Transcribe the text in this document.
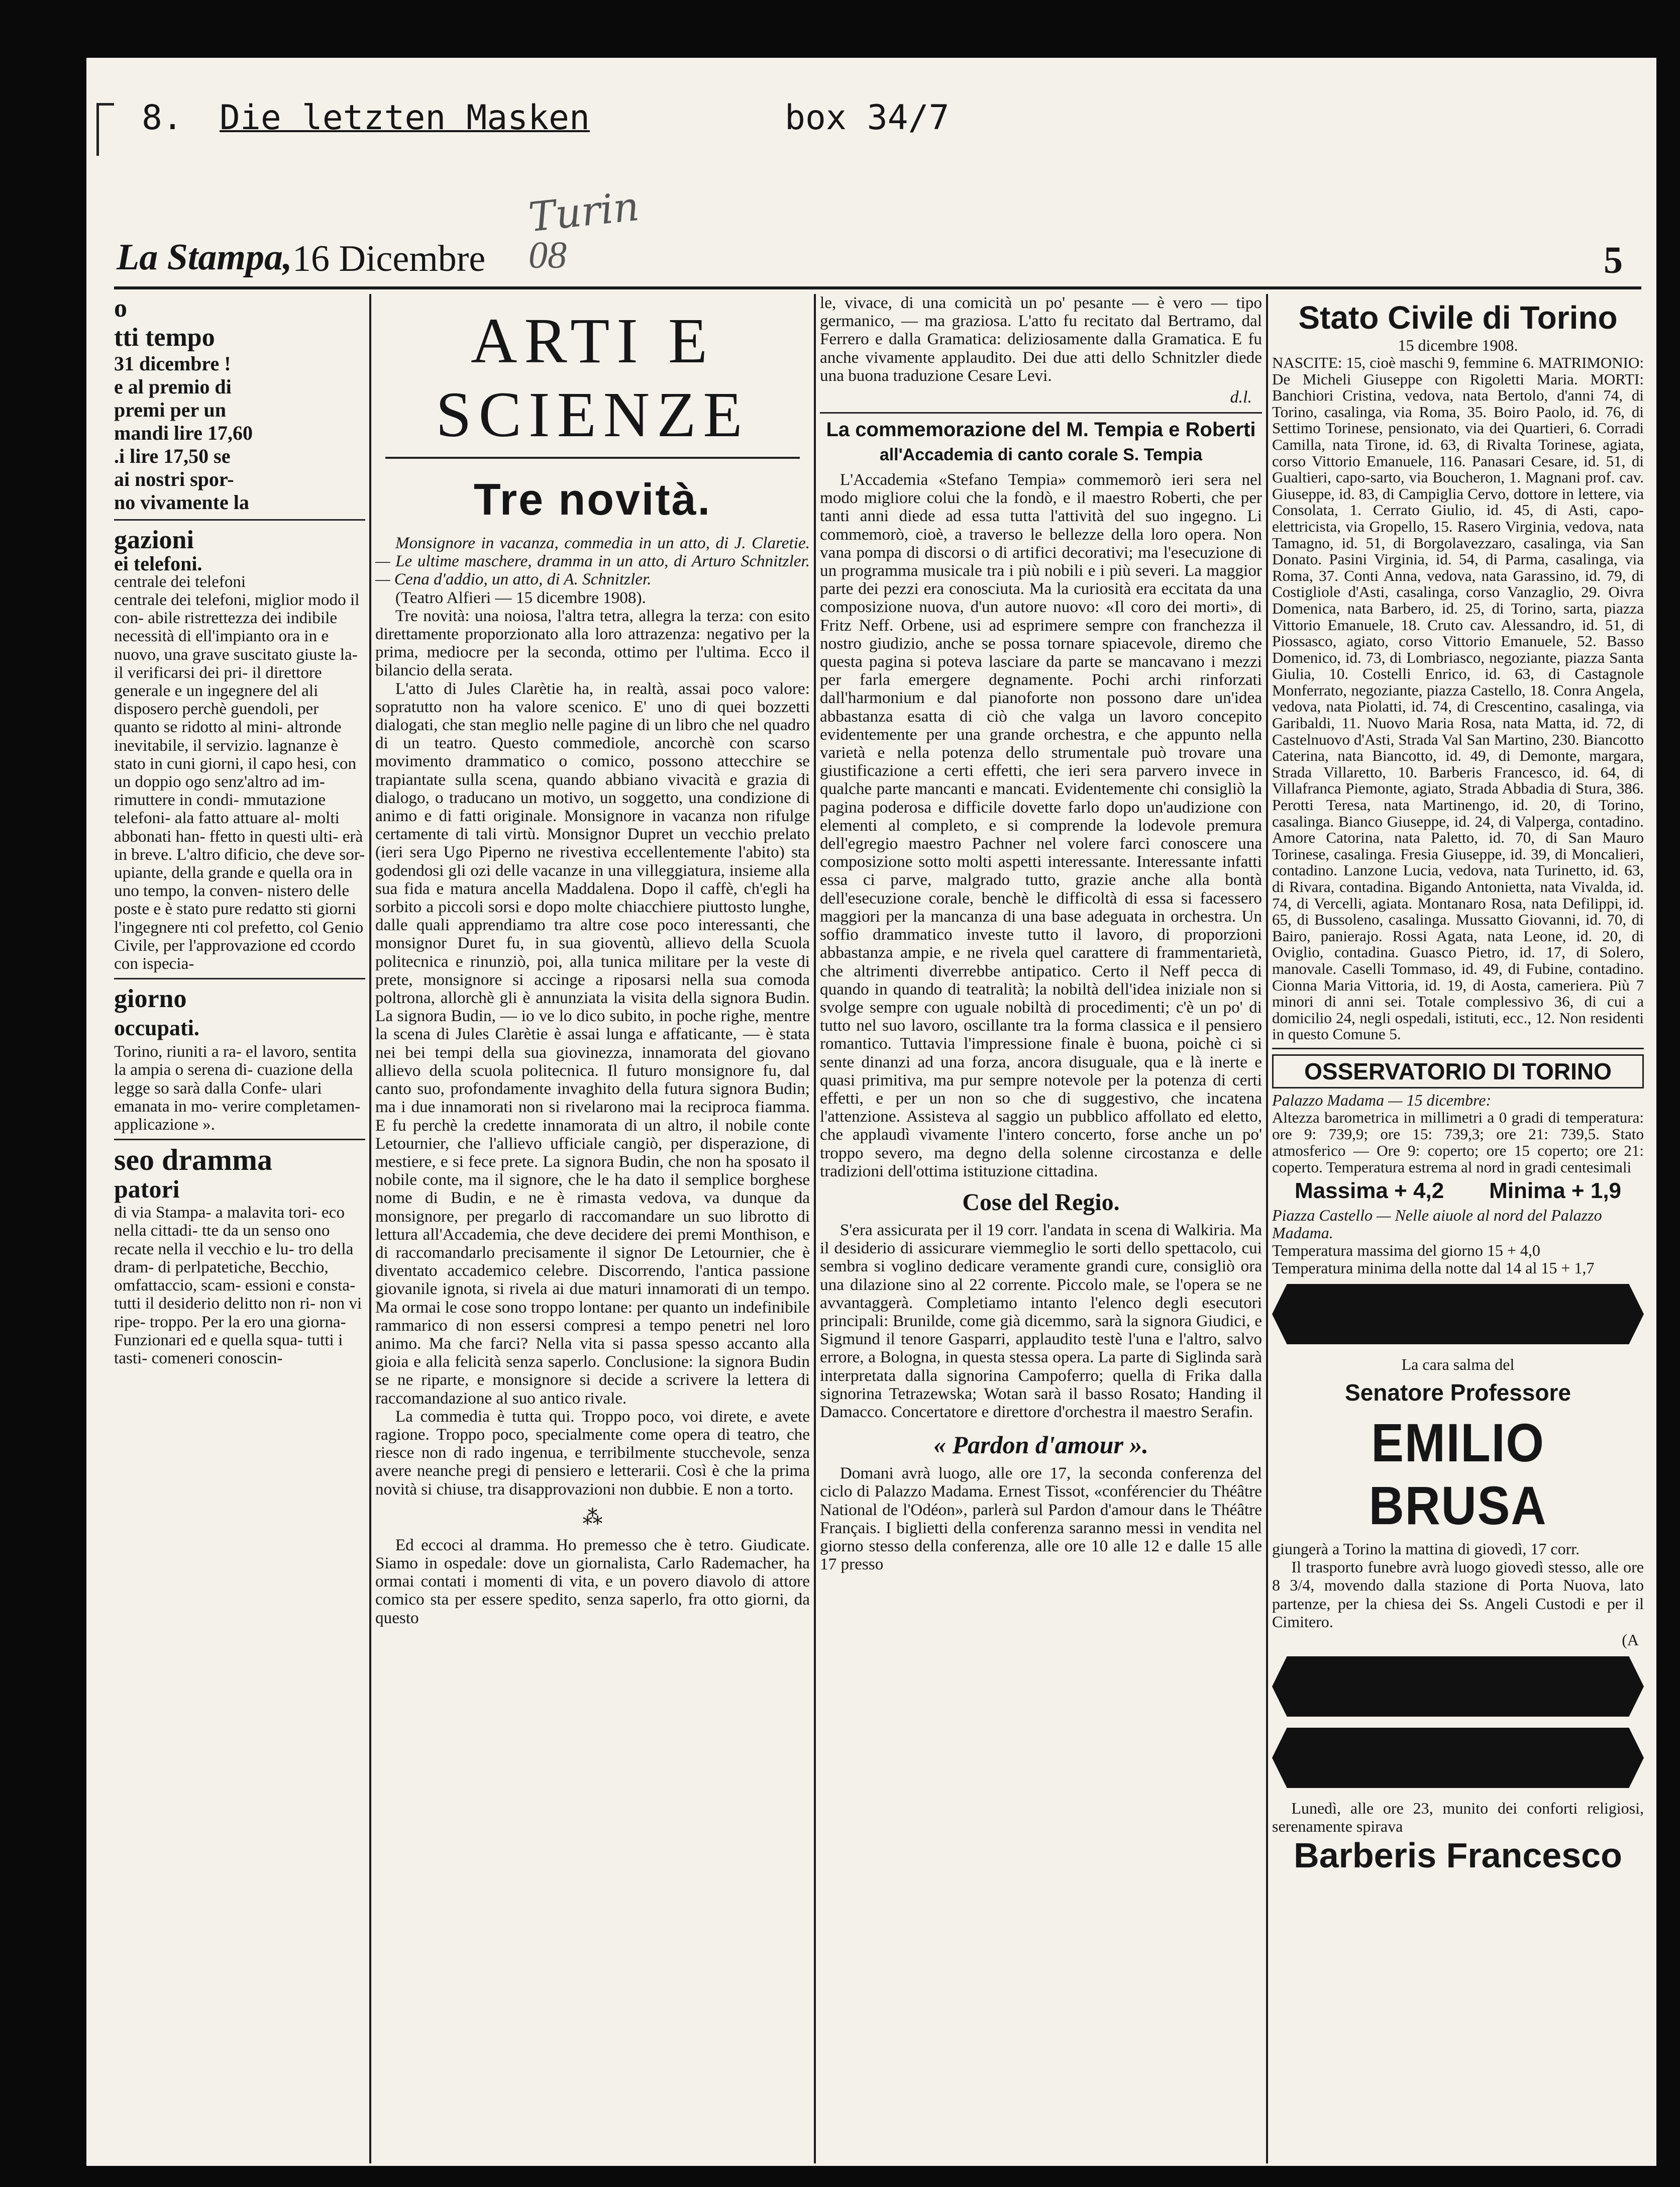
8. Die letzten Masken	box 34/7
Turin
La Stampa, 16 Dicembre 08	5

o

tti tempo

31 dicembre !

e al premio di

premi per un

mandi lire 17,60

.i lire 17,50 se

ai nostri spor-

no vivamente la

gazioni

ei telefoni.

centrale dei telefoni

centrale dei telefoni, miglior modo il con- abile ristrettezza dei indibile necessità di ell'impianto ora in e nuovo, una grave suscitato giuste la- il verificarsi dei pri- il direttore generale e un ingegnere del ali disposero perchè guendoli, per quanto se ridotto al mini- altronde inevitabile, il servizio. lagnanze è stato in cuni giorni, il capo hesi, con un doppio ogo senz'altro ad im- rimuttere in condi- mmutazione telefoni- ala fatto attuare al- molti abbonati han- ffetto in questi ulti- erà in breve. L'altro dificio, che deve sor- upiante, della grande e quella ora in uno tempo, la conven- nistero delle poste e è stato pure redatto sti giorni l'ingegnere nti col prefetto, col Genio Civile, per l'approvazione ed ccordo con ispecia-

giorno

occupati.

Torino, riuniti a ra- el lavoro, sentita la ampia o serena di- cuazione della legge so sarà dalla Confe- ulari emanata in mo- verire completamen- applicazione ».

seo dramma

patori

di via Stampa- a malavita tori- eco nella cittadi- tte da un senso ono recate nella il vecchio e lu- tro della dram- di perlpatetiche, Becchio, omfattaccio, scam- essioni e consta- tutti il desiderio delitto non ri- non vi ripe- troppo. Per la ero una giorna- Funzionari ed e quella squa- tutti i tasti- comeneri conoscin-

ARTI E SCIENZE
Tre novità.

Monsignore in vacanza, commedia in un atto, di J. Claretie. — Le ultime maschere, dramma in un atto, di Arturo Schnitzler. — Cena d'addio, un atto, di A. Schnitzler.

(Teatro Alfieri — 15 dicembre 1908).

Tre novità: una noiosa, l'altra tetra, allegra la terza: con esito direttamente proporzionato alla loro attrazenza: negativo per la prima, mediocre per la seconda, ottimo per l'ultima. Ecco il bilancio della serata.

L'atto di Jules Clarètie ha, in realtà, assai poco valore: sopratutto non ha valore scenico. E' uno di quei bozzetti dialogati, che stan meglio nelle pagine di un libro che nel quadro di un teatro. Questo commediole, ancorchè con scarso movimento drammatico o comico, possono attecchire se trapiantate sulla scena, quando abbiano vivacità e grazia di dialogo, o traducano un motivo, un soggetto, una condizione di animo e di fatti originale. Monsignore in vacanza non rifulge certamente di tali virtù. Monsignor Dupret un vecchio prelato (ieri sera Ugo Piperno ne rivestiva eccellentemente l'abito) sta godendosi gli ozi delle vacanze in una villeggiatura, insieme alla sua fida e matura ancella Maddalena. Dopo il caffè, ch'egli ha sorbito a piccoli sorsi e dopo molte chiacchiere piuttosto lunghe, dalle quali apprendiamo tra altre cose poco interessanti, che monsignor Duret fu, in sua gioventù, allievo della Scuola politecnica e rinunziò, poi, alla tunica militare per la veste di prete, monsignore si accinge a riposarsi nella sua comoda poltrona, allorchè gli è annunziata la visita della signora Budin. La signora Budin, — io ve lo dico subito, in poche righe, mentre la scena di Jules Clarètie è assai lunga e affaticante, — è stata nei bei tempi della sua giovinezza, innamorata del giovano allievo della scuola politecnica. Il futuro monsignore fu, dal canto suo, profondamente invaghito della futura signora Budin; ma i due innamorati non si rivelarono mai la reciproca fiamma. E fu perchè la credette innamorata di un altro, il nobile conte Letournier, che l'allievo ufficiale cangiò, per disperazione, di mestiere, e si fece prete. La signora Budin, che non ha sposato il nobile conte, ma il signore, che le ha dato il semplice borghese nome di Budin, e ne è rimasta vedova, va dunque da monsignore, per pregarlo di raccomandare un suo librotto di lettura all'Accademia, che deve decidere dei premi Monthison, e di raccomandarlo precisamente il signor De Letournier, che è diventato accademico celebre. Discorrendo, l'antica passione giovanile ignota, si rivela ai due maturi innamorati di un tempo. Ma ormai le cose sono troppo lontane: per quanto un indefinibile rammarico di non essersi compresi a tempo penetri nel loro animo. Ma che farci? Nella vita si passa spesso accanto alla gioia e alla felicità senza saperlo. Conclusione: la signora Budin se ne riparte, e monsignore si decide a scrivere la lettera di raccomandazione al suo antico rivale.

La commedia è tutta qui. Troppo poco, voi direte, e avete ragione. Troppo poco, specialmente come opera di teatro, che riesce non di rado ingenua, e terribilmente stucchevole, senza avere neanche pregi di pensiero e letterarii. Così è che la prima novità si chiuse, tra disapprovazioni non dubbie. E non a torto.

⁂

Ed eccoci al dramma. Ho premesso che è tetro. Giudicate. Siamo in ospedale: dove un giornalista, Carlo Rademacher, ha ormai contati i momenti di vita, e un povero diavolo di attore comico sta per essere spedito, senza saperlo, fra otto giorni, da questo

le, vivace, di una comicità un po' pesante — è vero — tipo germanico, — ma graziosa. L'atto fu recitato dal Bertramo, dal Ferrero e dalla Gramatica: deliziosamente dalla Gramatica. E fu anche vivamente applaudito. Dei due atti dello Schnitzler diede una buona traduzione Cesare Levi.

d.l.

La commemorazione del M. Tempia e Roberti

all'Accademia di canto corale S. Tempia

L'Accademia «Stefano Tempia» commemorò ieri sera nel modo migliore colui che la fondò, e il maestro Roberti, che per tanti anni diede ad essa tutta l'attività del suo ingegno. Li commemorò, cioè, a traverso le bellezze della loro opera. Non vana pompa di discorsi o di artifici decorativi; ma l'esecuzione di un programma musicale tra i più nobili e i più severi. La maggior parte dei pezzi era conosciuta. Ma la curiosità era eccitata da una composizione nuova, d'un autore nuovo: «Il coro dei morti», di Fritz Neff. Orbene, usi ad esprimere sempre con franchezza il nostro giudizio, anche se possa tornare spiacevole, diremo che questa pagina si poteva lasciare da parte se mancavano i mezzi per farla emergere degnamente. Pochi archi rinforzati dall'harmonium e dal pianoforte non possono dare un'idea abbastanza esatta di ciò che valga un lavoro concepito evidentemente per una grande orchestra, e che appunto nella varietà e nella potenza dello strumentale può trovare una giustificazione a certi effetti, che ieri sera parvero invece in qualche parte mancanti e mancati. Evidentemente chi consigliò la pagina poderosa e difficile dovette farlo dopo un'audizione con elementi al completo, e si comprende la lodevole premura dell'egregio maestro Pachner nel volere farci conoscere una composizione sotto molti aspetti interessante. Interessante infatti essa ci parve, malgrado tutto, grazie anche alla bontà dell'esecuzione corale, benchè le difficoltà di essa si facessero maggiori per la mancanza di una base adeguata in orchestra. Un soffio drammatico investe tutto il lavoro, di proporzioni abbastanza ampie, e ne rivela quel carattere di frammentarietà, che altrimenti diverrebbe antipatico. Certo il Neff pecca di quando in quando di teatralità; la nobiltà dell'idea iniziale non si svolge sempre con uguale nobiltà di procedimenti; c'è un po' di tutto nel suo lavoro, oscillante tra la forma classica e il pensiero romantico. Tuttavia l'impressione finale è buona, poichè ci si sente dinanzi ad una forza, ancora disuguale, qua e là inerte e quasi primitiva, ma pur sempre notevole per la potenza di certi effetti, e per un non so che di suggestivo, che incatena l'attenzione. Assisteva al saggio un pubblico affollato ed eletto, che applaudì vivamente l'intero concerto, forse anche un po' troppo severo, ma degno della solenne circostanza e delle tradizioni dell'ottima istituzione cittadina.

Cose del Regio.

S'era assicurata per il 19 corr. l'andata in scena di Walkiria. Ma il desiderio di assicurare viemmeglio le sorti dello spettacolo, cui sembra si voglino dedicare veramente grandi cure, consigliò ora una dilazione sino al 22 corrente. Piccolo male, se l'opera se ne avvantaggerà. Completiamo intanto l'elenco degli esecutori principali: Brunilde, come già dicemmo, sarà la signora Giudici, e Sigmund il tenore Gasparri, applaudito testè l'una e l'altro, salvo errore, a Bologna, in questa stessa opera. La parte di Siglinda sarà interpretata dalla signorina Campoferro; quella di Frika dalla signorina Tetrazewska; Wotan sarà il basso Rosato; Handing il Damacco. Concertatore e direttore d'orchestra il maestro Serafin.

« Pardon d'amour ».

Domani avrà luogo, alle ore 17, la seconda conferenza del ciclo di Palazzo Madama. Ernest Tissot, «conférencier du Théâtre National de l'Odéon», parlerà sul Pardon d'amour dans le Théâtre Français. I biglietti della conferenza saranno messi in vendita nel giorno stesso della conferenza, alle ore 10 alle 12 e dalle 15 alle 17 presso

Stato Civile di Torino

15 dicembre 1908.

NASCITE: 15, cioè maschi 9, femmine 6. MATRIMONIO: De Micheli Giuseppe con Rigoletti Maria. MORTI: Banchiori Cristina, vedova, nata Bertolo, d'anni 74, di Torino, casalinga, via Roma, 35. Boiro Paolo, id. 76, di Settimo Torinese, pensionato, via dei Quartieri, 6. Corradi Camilla, nata Tirone, id. 63, di Rivalta Torinese, agiata, corso Vittorio Emanuele, 116. Panasari Cesare, id. 51, di Gualtieri, capo-sarto, via Boucheron, 1. Magnani prof. cav. Giuseppe, id. 83, di Campiglia Cervo, dottore in lettere, via Consolata, 1. Cerrato Giulio, id. 45, di Asti, capo-elettricista, via Gropello, 15. Rasero Virginia, vedova, nata Tamagno, id. 51, di Borgolavezzaro, casalinga, via San Donato. Pasini Virginia, id. 54, di Parma, casalinga, via Roma, 37. Conti Anna, vedova, nata Garassino, id. 79, di Costigliole d'Asti, casalinga, corso Vanzaglio, 29. Oivra Domenica, nata Barbero, id. 25, di Torino, sarta, piazza Vittorio Emanuele, 18. Cruto cav. Alessandro, id. 51, di Piossasco, agiato, corso Vittorio Emanuele, 52. Basso Domenico, id. 73, di Lombriasco, negoziante, piazza Santa Giulia, 10. Costelli Enrico, id. 63, di Castagnole Monferrato, negoziante, piazza Castello, 18. Conra Angela, vedova, nata Piolatti, id. 74, di Crescentino, casalinga, via Garibaldi, 11. Nuovo Maria Rosa, nata Matta, id. 72, di Castelnuovo d'Asti, Strada Val San Martino, 230. Biancotto Caterina, nata Biancotto, id. 49, di Demonte, margara, Strada Villaretto, 10. Barberis Francesco, id. 64, di Villafranca Piemonte, agiato, Strada Abbadia di Stura, 386. Perotti Teresa, nata Martinengo, id. 20, di Torino, casalinga. Bianco Giuseppe, id. 24, di Valperga, contadino. Amore Catorina, nata Paletto, id. 70, di San Mauro Torinese, casalinga. Fresia Giuseppe, id. 39, di Moncalieri, contadino. Lanzone Lucia, vedova, nata Turinetto, id. 63, di Rivara, contadina. Bigando Antonietta, nata Vivalda, id. 74, di Vercelli, agiata. Montanaro Rosa, nata Defilippi, id. 65, di Bussoleno, casalinga. Mussatto Giovanni, id. 70, di Bairo, panierajo. Rossi Agata, nata Leone, id. 20, di Oviglio, contadina. Guasco Pietro, id. 17, di Solero, manovale. Caselli Tommaso, id. 49, di Fubine, contadino. Cionna Maria Vittoria, id. 19, di Aosta, cameriera. Più 7 minori di anni sei. Totale complessivo 36, di cui a domicilio 24, negli ospedali, istituti, ecc., 12. Non residenti in questo Comune 5.

OSSERVATORIO DI TORINO

Palazzo Madama — 15 dicembre:

Altezza barometrica in millimetri a 0 gradi di temperatura: ore 9: 739,9; ore 15: 739,3; ore 21: 739,5. Stato atmosferico — Ore 9: coperto; ore 15 coperto; ore 21: coperto. Temperatura estrema al nord in gradi centesimali

Massima + 4,2 Minima + 1,9

Piazza Castello — Nelle aiuole al nord del Palazzo Madama.

Temperatura massima del giorno 15 + 4,0

Temperatura minima della notte dal 14 al 15 + 1,7

La cara salma del

Senatore Professore

EMILIO BRUSA

giungerà a Torino la mattina di giovedì, 17 corr.

Il trasporto funebre avrà luogo giovedì stesso, alle ore 8 3/4, movendo dalla stazione di Porta Nuova, lato partenze, per la chiesa dei Ss. Angeli Custodi e per il Cimitero.

(A

Lunedì, alle ore 23, munito dei conforti religiosi, serenamente spirava

Barberis Francesco
